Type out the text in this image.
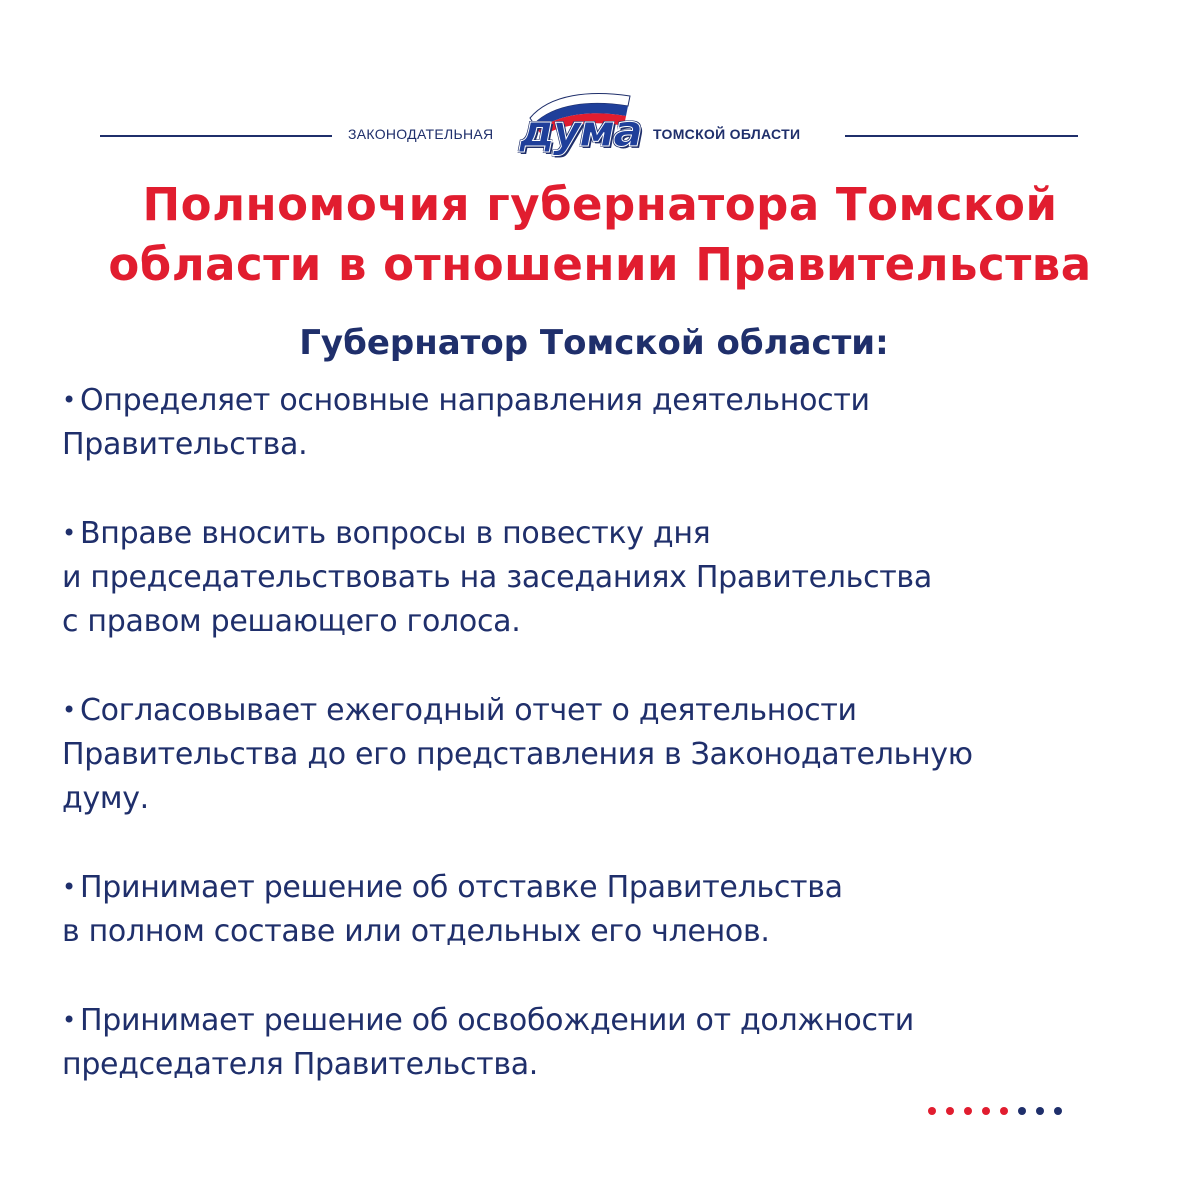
ЗАКОНОДАТЕЛЬНАЯ дума ТОМСКОЙ ОБЛАСТИ
Полномочия губернатора Томской
области в отношении Правительства
Губернатор Томской области:
• Определяет основные направления деятельности
Правительства.
• Вправе вносить вопросы в повестку дня
и председательствовать на заседаниях Правительства
с правом решающего голоса.
• Согласовывает ежегодный отчет о деятельности
Правительства до его представления в Законодательную
думу.
• Принимает решение об отставке Правительства
в полном составе или отдельных его членов.
• Принимает решение об освобождении от должности
председателя Правительства.
